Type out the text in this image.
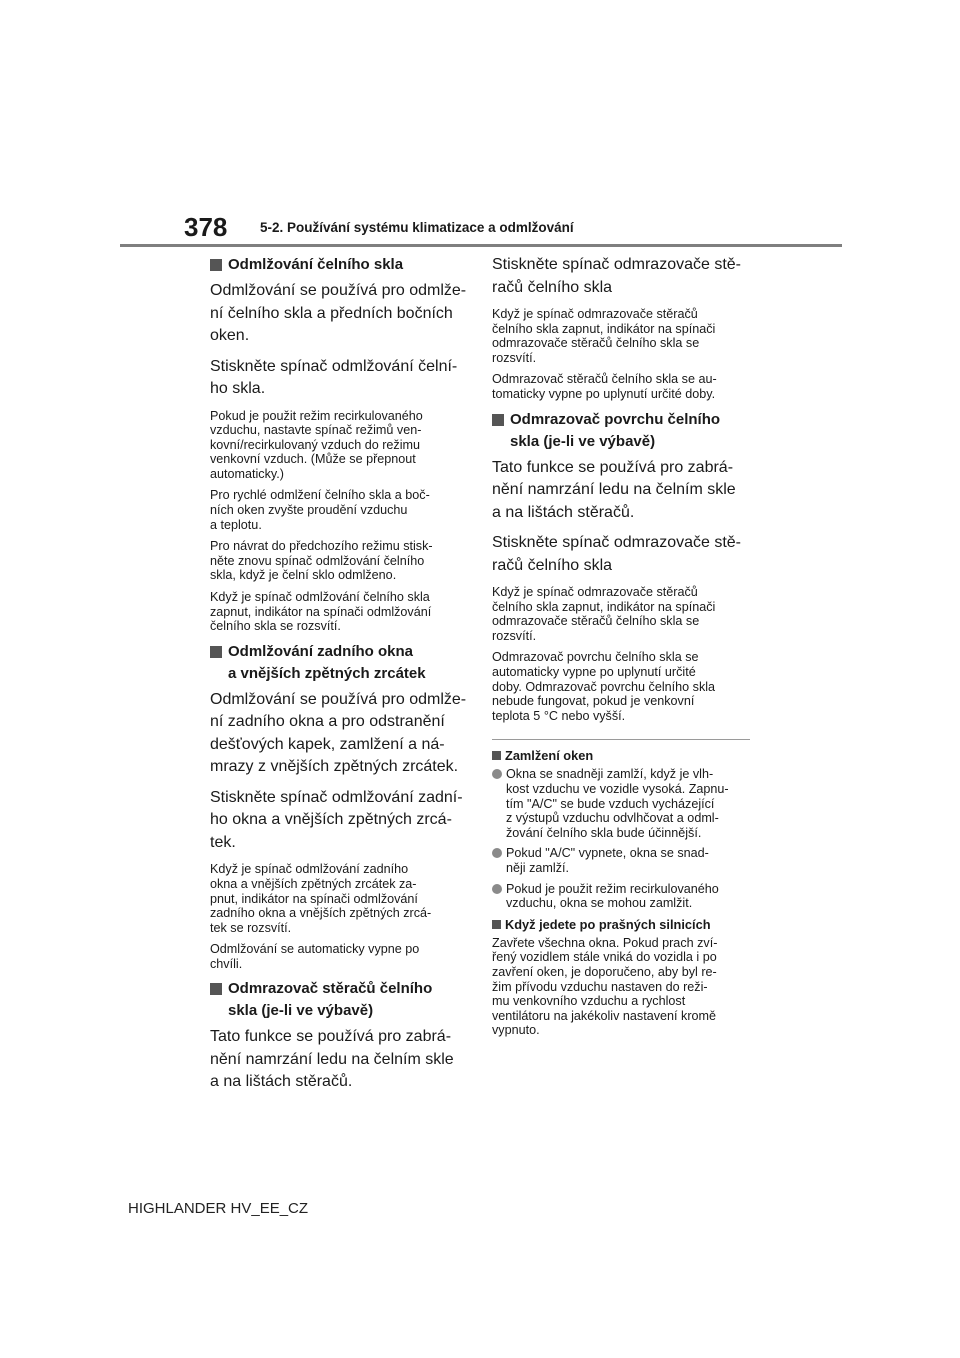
378 5-2. Používání systému klimatizace a odmlžování
Odmlžování čelního skla

Odmlžování se používá pro odmlže-
ní čelního skla a předních bočních
oken.

Stiskněte spínač odmlžování čelní-
ho skla.

Pokud je použit režim recirkulovaného
vzduchu, nastavte spínač režimů ven-
kovní/recirkulovaný vzduch do režimu
venkovní vzduch. (Může se přepnout
automaticky.)

Pro rychlé odmlžení čelního skla a boč-
ních oken zvyšte proudění vzduchu
a teplotu.

Pro návrat do předchozího režimu stisk-
něte znovu spínač odmlžování čelního
skla, když je čelní sklo odmlženo.

Když je spínač odmlžování čelního skla
zapnut, indikátor na spínači odmlžování
čelního skla se rozsvítí.

Odmlžování zadního okna
a vnějších zpětných zrcátek

Odmlžování se používá pro odmlže-
ní zadního okna a pro odstranění
dešťových kapek, zamlžení a ná-
mrazy z vnějších zpětných zrcátek.

Stiskněte spínač odmlžování zadní-
ho okna a vnějších zpětných zrcá-
tek.

Když je spínač odmlžování zadního
okna a vnějších zpětných zrcátek za-
pnut, indikátor na spínači odmlžování
zadního okna a vnějších zpětných zrcá-
tek se rozsvítí.

Odmlžování se automaticky vypne po
chvíli.

Odmrazovač stěračů čelního
skla (je-li ve výbavě)

Tato funkce se používá pro zabrá-
nění namrzání ledu na čelním skle
a na lištách stěračů.

Stiskněte spínač odmrazovače stě-
račů čelního skla

Když je spínač odmrazovače stěračů
čelního skla zapnut, indikátor na spínači
odmrazovače stěračů čelního skla se
rozsvítí.

Odmrazovač stěračů čelního skla se au-
tomaticky vypne po uplynutí určité doby.

Odmrazovač povrchu čelního
skla (je-li ve výbavě)

Tato funkce se používá pro zabrá-
nění namrzání ledu na čelním skle
a na lištách stěračů.

Stiskněte spínač odmrazovače stě-
račů čelního skla

Když je spínač odmrazovače stěračů
čelního skla zapnut, indikátor na spínači
odmrazovače stěračů čelního skla se
rozsvítí.

Odmrazovač povrchu čelního skla se
automaticky vypne po uplynutí určité
doby. Odmrazovač povrchu čelního skla
nebude fungovat, pokud je venkovní
teplota 5 °C nebo vyšší.

Zamlžení oken
Okna se snadněji zamlží, když je vlh-
kost vzduchu ve vozidle vysoká. Zapnu-
tím "A/C" se bude vzduch vycházející
z výstupů vzduchu odvlhčovat a odml-
žování čelního skla bude účinnější.
Pokud "A/C" vypnete, okna se snad-
něji zamlží.
Pokud je použit režim recirkulovaného
vzduchu, okna se mohou zamlžit.
Když jedete po prašných silnicích

Zavřete všechna okna. Pokud prach zví-
řený vozidlem stále vniká do vozidla i po
zavření oken, je doporučeno, aby byl re-
žim přívodu vzduchu nastaven do reži-
mu venkovního vzduchu a rychlost
ventilátoru na jakékoliv nastavení kromě
vypnuto.

HIGHLANDER HV_EE_CZ
